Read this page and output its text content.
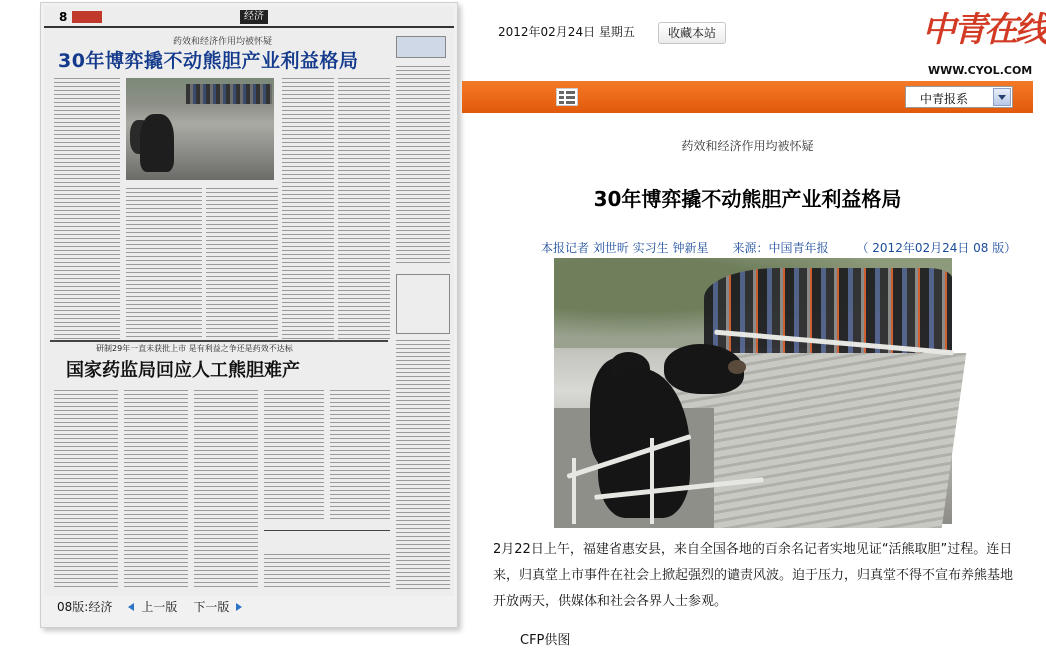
8	经济
药效和经济作用均被怀疑
30年博弈撬不动熊胆产业利益格局
研制29年一直未获批上市 是有利益之争还是药效不达标
国家药监局回应人工熊胆难产
08版:经济 上一版 下一版
2012年02月24日 星期五	收藏本站	中青在线
WWW.CYOL.COM
往期回顾	新闻列表 返回目录 ‹ 上一期 下一期 ›
中青报系
药效和经济作用均被怀疑
30年博弈撬不动熊胆产业利益格局
本报记者 刘世昕 实习生 钟新星 来源：中国青年报 （ 2012年02月24日 08 版）
2月22日上午，福建省惠安县，来自全国各地的百余名记者实地见证“活熊取胆”过程。连日来，归真堂上市事件在社会上掀起强烈的谴责风波。迫于压力，归真堂不得不宣布养熊基地开放两天，供媒体和社会各界人士参观。
CFP供图
